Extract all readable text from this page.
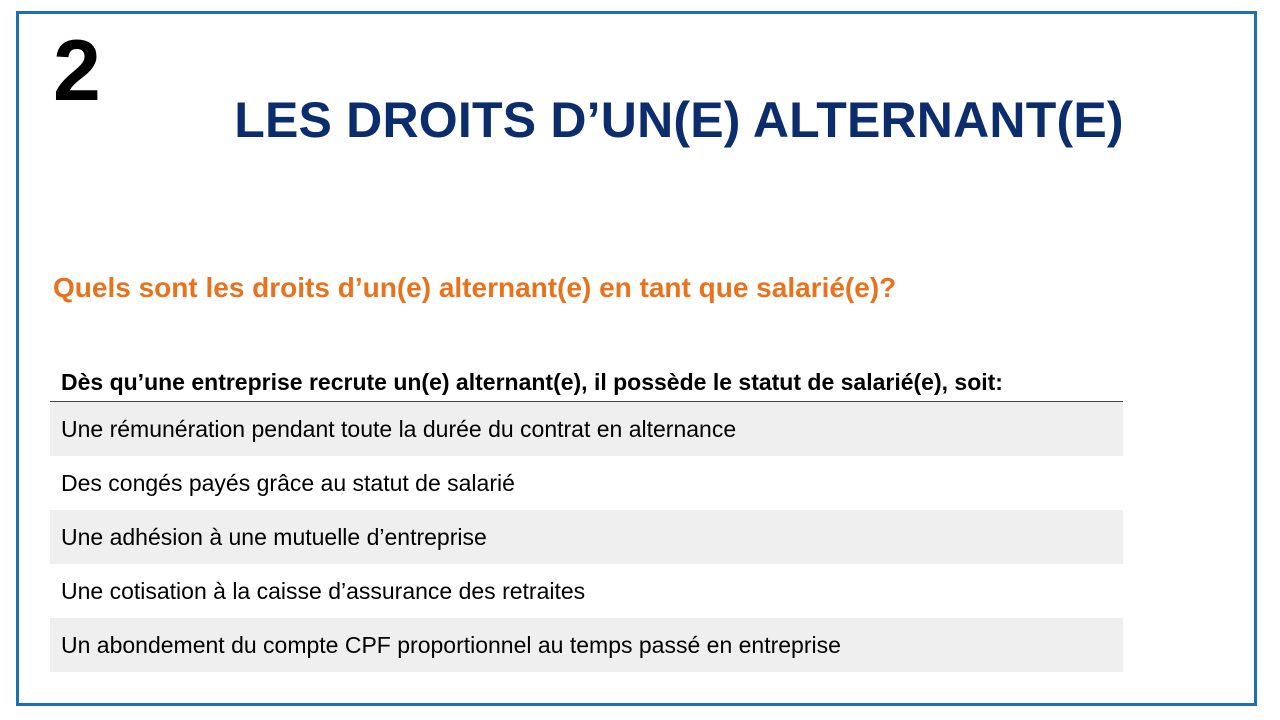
2
LES DROITS D’UN(E) ALTERNANT(E)

Quels sont les droits d’un(e) alternant(e) en tant que salarié(e)?

Dès qu’une entreprise recrute un(e) alternant(e), il possède le statut de salarié(e), soit:
Une rémunération pendant toute la durée du contrat en alternance
Des congés payés grâce au statut de salarié
Une adhésion à une mutuelle d’entreprise
Une cotisation à la caisse d’assurance des retraites
Un abondement du compte CPF proportionnel au temps passé en entreprise
